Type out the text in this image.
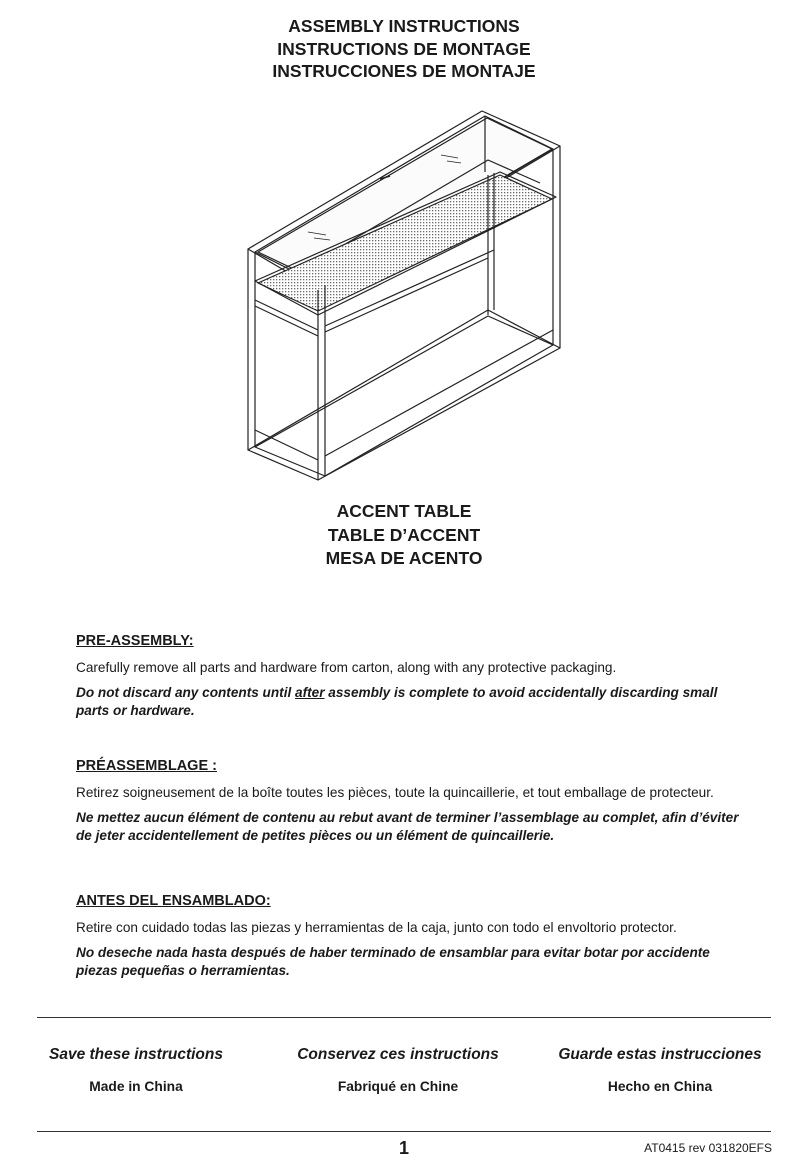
ASSEMBLY INSTRUCTIONS
INSTRUCTIONS DE MONTAGE
INSTRUCCIONES DE MONTAJE
ACCENT TABLE
TABLE D’ACCENT
MESA DE ACENTO
PRE-ASSEMBLY:

Carefully remove all parts and hardware from carton, along with any protective packaging.

Do not discard any contents until after assembly is complete to avoid accidentally discarding small parts or hardware.

PRÉASSEMBLAGE :

Retirez soigneusement de la boîte toutes les pièces, toute la quincaillerie, et tout emballage de protecteur.

Ne mettez aucun élément de contenu au rebut avant de terminer l’assemblage au complet, afin d’éviter de jeter accidentellement de petites pièces ou un élément de quincaillerie.

ANTES DEL ENSAMBLADO:

Retire con cuidado todas las piezas y herramientas de la caja, junto con todo el envoltorio protector.

No deseche nada hasta después de haber terminado de ensamblar para evitar botar por accidente piezas pequeñas o herramientas.

Save these instructions
Made in China
Conservez ces instructions
Fabriqué en Chine
Guarde estas instrucciones
Hecho en China
1	AT0415 rev 031820EFS
